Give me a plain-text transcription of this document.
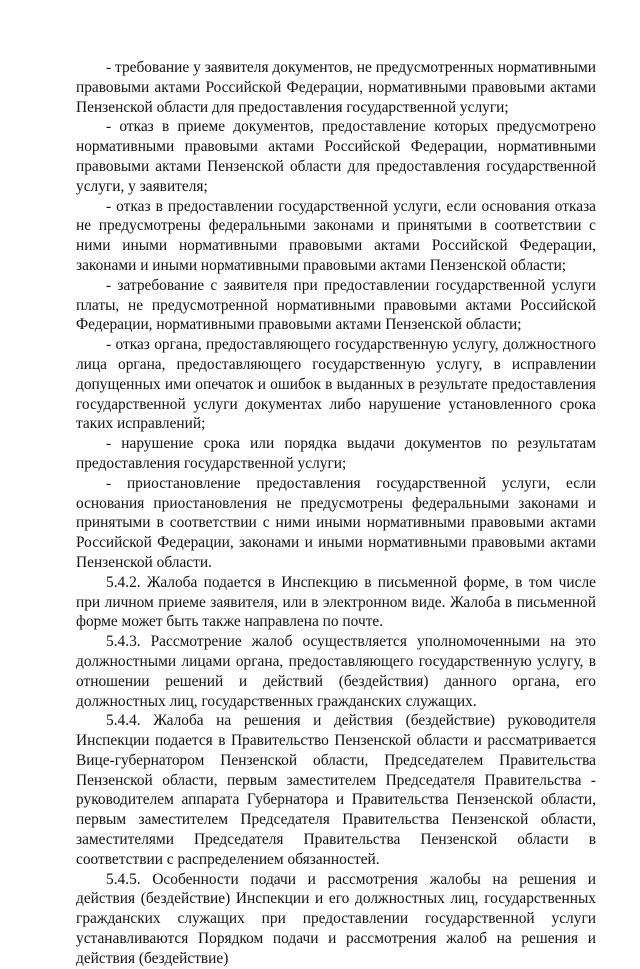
- требование у заявителя документов, не предусмотренных нормативными правовыми актами Российской Федерации, нормативными правовыми актами Пензенской области для предоставления государственной услуги;

- отказ в приеме документов, предоставление которых предусмотрено нормативными правовыми актами Российской Федерации, нормативными правовыми актами Пензенской области для предоставления государственной услуги, у заявителя;

- отказ в предоставлении государственной услуги, если основания отказа не предусмотрены федеральными законами и принятыми в соответствии с ними иными нормативными правовыми актами Российской Федерации, законами и иными нормативными правовыми актами Пензенской области;

- затребование с заявителя при предоставлении государственной услуги платы, не предусмотренной нормативными правовыми актами Российской Федерации, нормативными правовыми актами Пензенской области;

- отказ органа, предоставляющего государственную услугу, должностного лица органа, предоставляющего государственную услугу, в исправлении допущенных ими опечаток и ошибок в выданных в результате предоставления государственной услуги документах либо нарушение установленного срока таких исправлений;

- нарушение срока или порядка выдачи документов по результатам предоставления государственной услуги;

- приостановление предоставления государственной услуги, если основания приостановления не предусмотрены федеральными законами и принятыми в соответствии с ними иными нормативными правовыми актами Российской Федерации, законами и иными нормативными правовыми актами Пензенской области.

5.4.2. Жалоба подается в Инспекцию в письменной форме, в том числе при личном приеме заявителя, или в электронном виде. Жалоба в письменной форме может быть также направлена по почте.

5.4.3. Рассмотрение жалоб осуществляется уполномоченными на это должностными лицами органа, предоставляющего государственную услугу, в отношении решений и действий (бездействия) данного органа, его должностных лиц, государственных гражданских служащих.

5.4.4. Жалоба на решения и действия (бездействие) руководителя Инспекции подается в Правительство Пензенской области и рассматривается Вице-губернатором Пензенской области, Председателем Правительства Пензенской области, первым заместителем Председателя Правительства - руководителем аппарата Губернатора и Правительства Пензенской области, первым заместителем Председателя Правительства Пензенской области, заместителями Председателя Правительства Пензенской области в соответствии с распределением обязанностей.

5.4.5. Особенности подачи и рассмотрения жалобы на решения и действия (бездействие) Инспекции и его должностных лиц, государственных гражданских служащих при предоставлении государственной услуги устанавливаются Порядком подачи и рассмотрения жалоб на решения и действия (бездействие)
